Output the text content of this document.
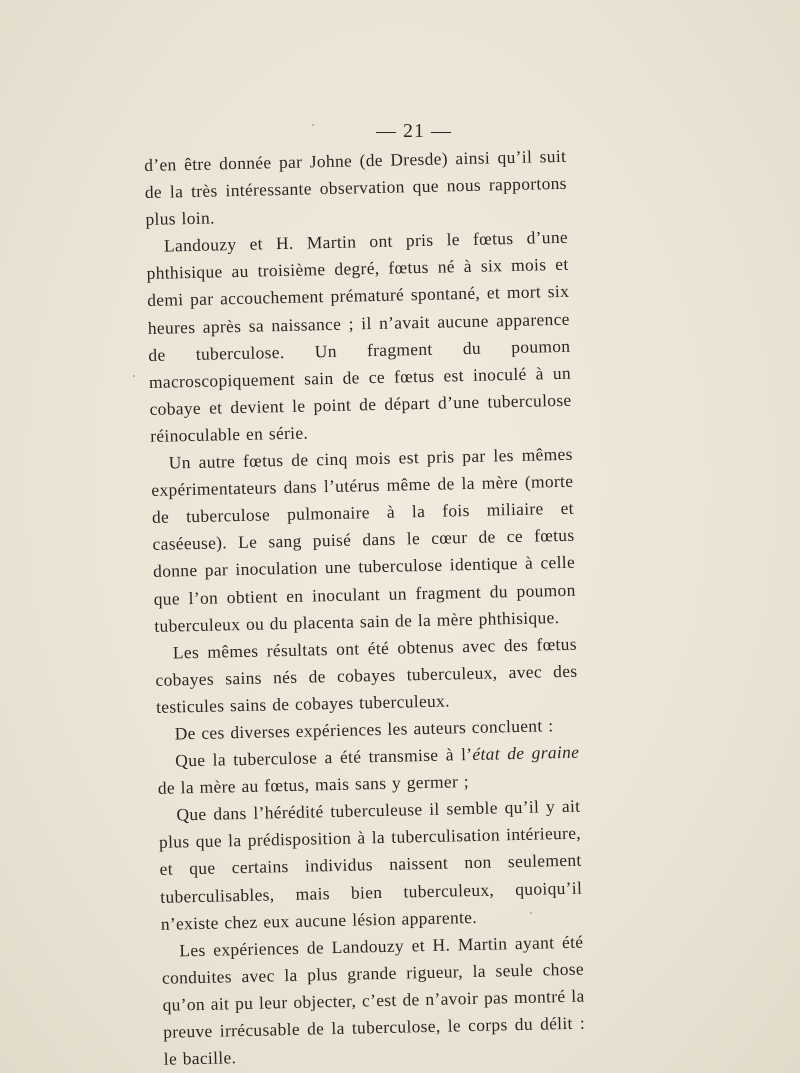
— 21 —

d’en être donnée par Johne (de Dresde) ainsi qu’il suit de la très intéressante observation que nous rapportons plus loin.

Landouzy et H. Martin ont pris le fœtus d’une phthisique au troisième degré, fœtus né à six mois et demi par accouchement prématuré spontané, et mort six heures après sa naissance ; il n’avait aucune apparence de tuberculose. Un fragment du poumon macroscopiquement sain de ce fœtus est inoculé à un cobaye et devient le point de départ d’une tuberculose réinoculable en série.

Un autre fœtus de cinq mois est pris par les mêmes expérimentateurs dans l’utérus même de la mère (morte de tuberculose pulmonaire à la fois miliaire et caséeuse). Le sang puisé dans le cœur de ce fœtus donne par inoculation une tuberculose identique à celle que l’on obtient en inoculant un fragment du poumon tuberculeux ou du placenta sain de la mère phthisique.

Les mêmes résultats ont été obtenus avec des fœtus cobayes sains nés de cobayes tuberculeux, avec des testicules sains de cobayes tuberculeux.

De ces diverses expériences les auteurs concluent :

Que la tuberculose a été transmise à l’état de graine de la mère au fœtus, mais sans y germer ;

Que dans l’hérédité tuberculeuse il semble qu’il y ait plus que la prédisposition à la tuberculisation intérieure, et que certains individus naissent non seulement tuberculisables, mais bien tuberculeux, quoiqu’il n’existe chez eux aucune lésion apparente.

Les expériences de Landouzy et H. Martin ayant été conduites avec la plus grande rigueur, la seule chose qu’on ait pu leur objecter, c’est de n’avoir pas montré la preuve irrécusable de la tuberculose, le corps du délit : le bacille.
